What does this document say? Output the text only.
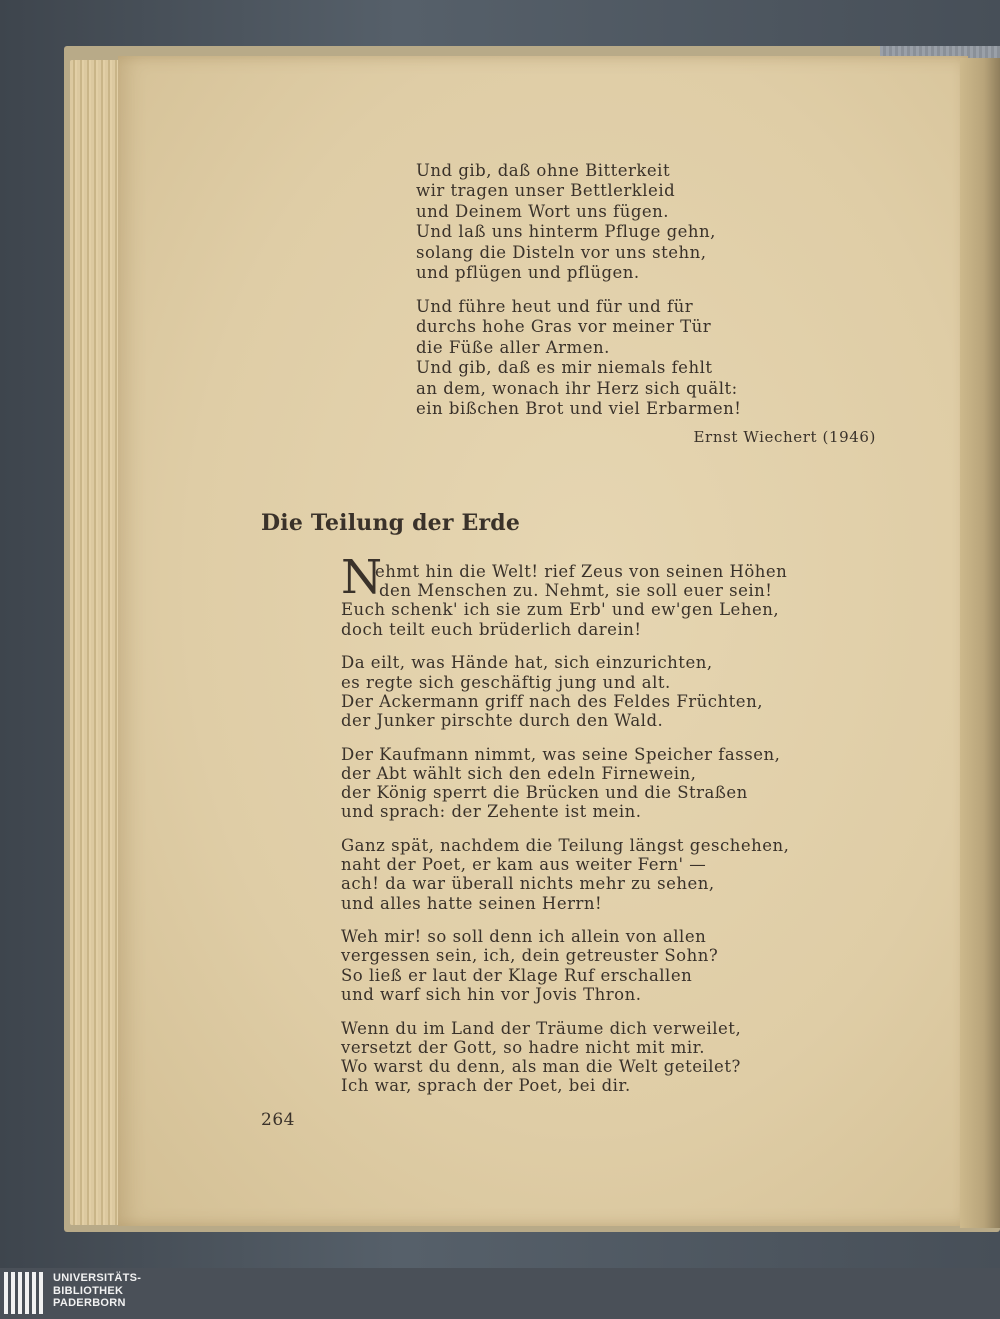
Und gib, daß ohne Bitterkeit
wir tragen unser Bettlerkleid
und Deinem Wort uns fügen.
Und laß uns hinterm Pfluge gehn,
solang die Disteln vor uns stehn,
und pflügen und pflügen.
Und führe heut und für und für
durchs hohe Gras vor meiner Tür
die Füße aller Armen.
Und gib, daß es mir niemals fehlt
an dem, wonach ihr Herz sich quält:
ein bißchen Brot und viel Erbarmen!
Ernst Wiechert (1946)
Die Teilung der Erde
N
ehmt hin die Welt! rief Zeus von seinen Höhen
den Menschen zu. Nehmt, sie soll euer sein!
Euch schenk' ich sie zum Erb' und ew'gen Lehen,
doch teilt euch brüderlich darein!
Da eilt, was Hände hat, sich einzurichten,
es regte sich geschäftig jung und alt.
Der Ackermann griff nach des Feldes Früchten,
der Junker pirschte durch den Wald.
Der Kaufmann nimmt, was seine Speicher fassen,
der Abt wählt sich den edeln Firnewein,
der König sperrt die Brücken und die Straßen
und sprach: der Zehente ist mein.
Ganz spät, nachdem die Teilung längst geschehen,
naht der Poet, er kam aus weiter Fern' —
ach! da war überall nichts mehr zu sehen,
und alles hatte seinen Herrn!
Weh mir! so soll denn ich allein von allen
vergessen sein, ich, dein getreuster Sohn?
So ließ er laut der Klage Ruf erschallen
und warf sich hin vor Jovis Thron.
Wenn du im Land der Träume dich verweilet,
versetzt der Gott, so hadre nicht mit mir.
Wo warst du denn, als man die Welt geteilet?
Ich war, sprach der Poet, bei dir.
264
UNIVERSITÄTS-
BIBLIOTHEK
PADERBORN
